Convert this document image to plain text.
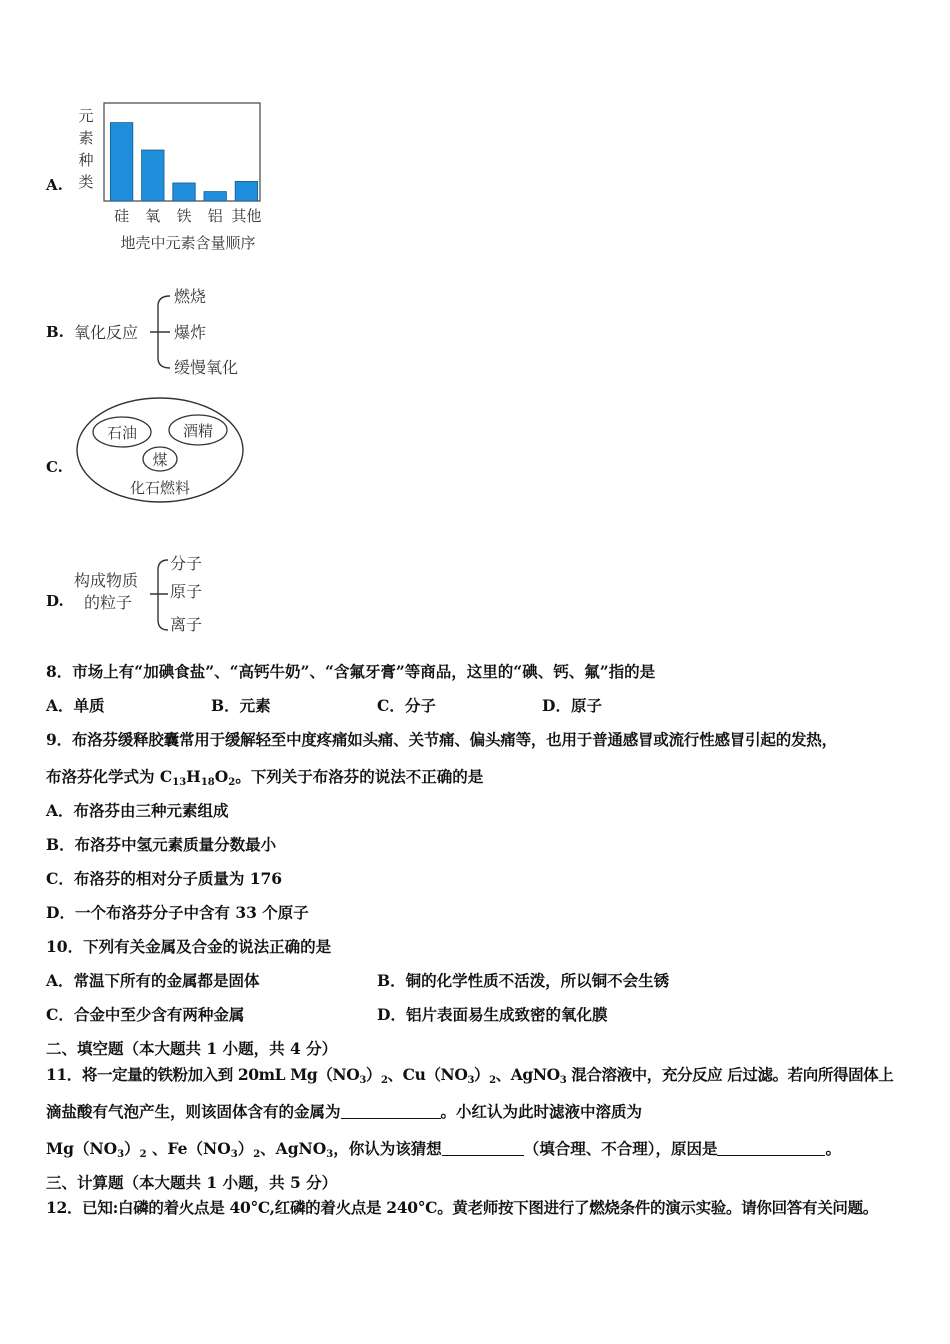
A.
元
素
种
类
硅 氧 铁 铝 其他
地壳中元素含量顺序
B. 氧化反应
燃烧
爆炸
缓慢氧化
C.
石油	酒精
煤
化石燃料
D.
构成物质
的粒子
分子
原子
离子
8．市场上有“加碘食盐”、“高钙牛奶”、“含氟牙膏”等商品，这里的“碘、钙、氟”指的是
A．单质	B．元素	C．分子	D．原子
9．布洛芬缓释胶囊常用于缓解轻至中度疼痛如头痛、关节痛、偏头痛等，也用于普通感冒或流行性感冒引起的发热，
布洛芬化学式为 $C_{13}H_{18}O_2$。下列关于布洛芬的说法不正确的是
A．布洛芬由三种元素组成
B．布洛芬中氢元素质量分数最小
C．布洛芬的相对分子质量为 176
D．一个布洛芬分子中含有 33 个原子
10．下列有关金属及合金的说法正确的是
A．常温下所有的金属都是固体	B．铜的化学性质不活泼，所以铜不会生锈
C．合金中至少含有两种金属	D．铝片表面易生成致密的氧化膜
二、填空题（本大题共 1 小题，共 4 分）
11．将一定量的铁粉加入到 20mL $Mg(NO_3)_2$、$Cu(NO_3)_2$、AgNO$_3$ 混合溶液中，充分反应 后过滤。若向所得固体上
滴盐酸有气泡产生，则该固体含有的金属为	。小红认为此时滤液中溶质为
$Mg(NO_3)_2$ 、$Fe(NO_3)_2$、AgNO$_3$，你认为该猜想	（填合理、不合理），原因是	。
三、计算题（本大题共 1 小题，共 5 分）
12．已知:白磷的着火点是 40°C,红磷的着火点是 240°C。黄老师按下图进行了燃烧条件的演示实验。请你回答有关问题。
